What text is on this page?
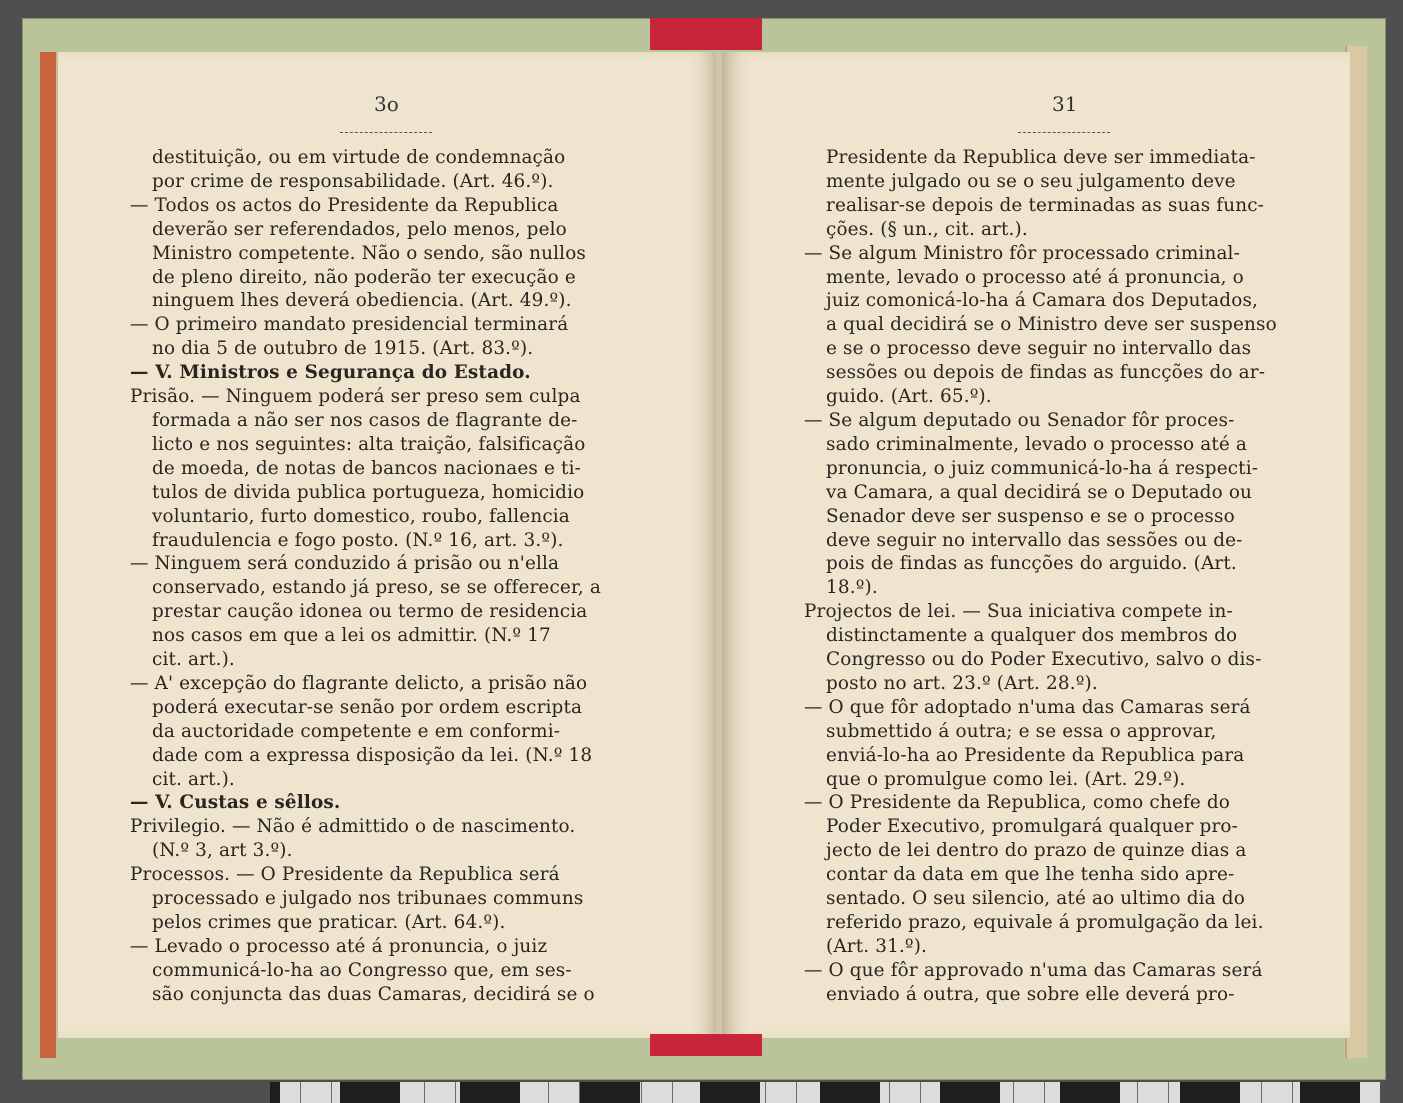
3o
destituição, ou em virtude de condemnação
por crime de responsabilidade. (Art. 46.º).
— Todos os actos do Presidente da Republica
deverão ser referendados, pelo menos, pelo
Ministro competente. Não o sendo, são nullos
de pleno direito, não poderão ter execução e
ninguem lhes deverá obediencia. (Art. 49.º).
— O primeiro mandato presidencial terminará
no dia 5 de outubro de 1915. (Art. 83.º).
— V. Ministros e Segurança do Estado.
Prisão. — Ninguem poderá ser preso sem culpa
formada a não ser nos casos de flagrante de-
licto e nos seguintes: alta traição, falsificação
de moeda, de notas de bancos nacionaes e ti-
tulos de divida publica portugueza, homicidio
voluntario, furto domestico, roubo, fallencia
fraudulencia e fogo posto. (N.º 16, art. 3.º).
— Ninguem será conduzido á prisão ou n'ella
conservado, estando já preso, se se offerecer, a
prestar caução idonea ou termo de residencia
nos casos em que a lei os admittir. (N.º 17
cit. art.).
— A' excepção do flagrante delicto, a prisão não
poderá executar-se senão por ordem escripta
da auctoridade competente e em conformi-
dade com a expressa disposição da lei. (N.º 18
cit. art.).
— V. Custas e sêllos.
Privilegio. — Não é admittido o de nascimento.
(N.º 3, art 3.º).
Processos. — O Presidente da Republica será
processado e julgado nos tribunaes communs
pelos crimes que praticar. (Art. 64.º).
— Levado o processo até á pronuncia, o juiz
communicá-lo-ha ao Congresso que, em ses-
são conjuncta das duas Camaras, decidirá se o
31
Presidente da Republica deve ser immediata-
mente julgado ou se o seu julgamento deve
realisar-se depois de terminadas as suas func-
ções. (§ un., cit. art.).
— Se algum Ministro fôr processado criminal-
mente, levado o processo até á pronuncia, o
juiz comonicá-lo-ha á Camara dos Deputados,
a qual decidirá se o Ministro deve ser suspenso
e se o processo deve seguir no intervallo das
sessões ou depois de findas as funcções do ar-
guido. (Art. 65.º).
— Se algum deputado ou Senador fôr proces-
sado criminalmente, levado o processo até a
pronuncia, o juiz communicá-lo-ha á respecti-
va Camara, a qual decidirá se o Deputado ou
Senador deve ser suspenso e se o processo
deve seguir no intervallo das sessões ou de-
pois de findas as funcções do arguido. (Art.
18.º).
Projectos de lei. — Sua iniciativa compete in-
distinctamente a qualquer dos membros do
Congresso ou do Poder Executivo, salvo o dis-
posto no art. 23.º (Art. 28.º).
— O que fôr adoptado n'uma das Camaras será
submettido á outra; e se essa o approvar,
enviá-lo-ha ao Presidente da Republica para
que o promulgue como lei. (Art. 29.º).
— O Presidente da Republica, como chefe do
Poder Executivo, promulgará qualquer pro-
jecto de lei dentro do prazo de quinze dias a
contar da data em que lhe tenha sido apre-
sentado. O seu silencio, até ao ultimo dia do
referido prazo, equivale á promulgação da lei.
(Art. 31.º).
— O que fôr approvado n'uma das Camaras será
enviado á outra, que sobre elle deverá pro-
